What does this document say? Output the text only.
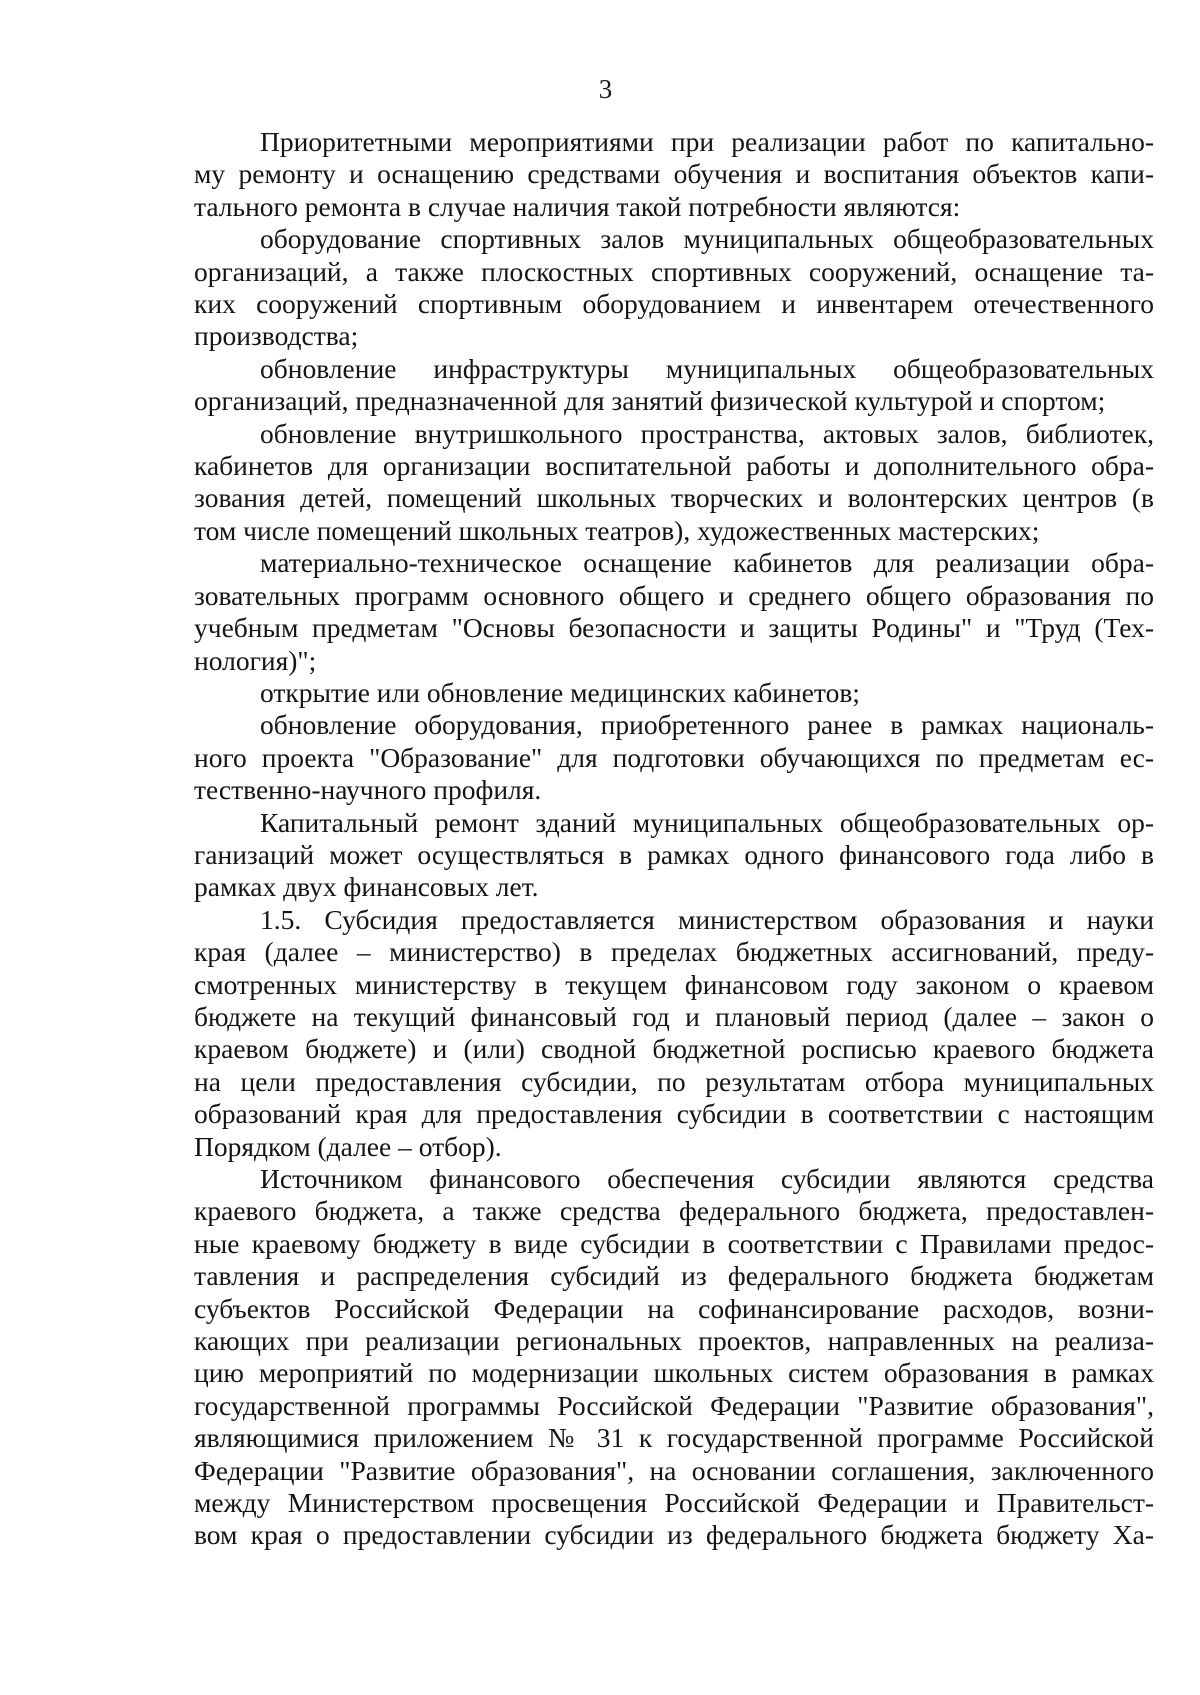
3
Приоритетными мероприятиями при реализации работ по капитально-
му ремонту и оснащению средствами обучения и воспитания объектов капи-
тального ремонта в случае наличия такой потребности являются:
оборудование спортивных залов муниципальных общеобразовательных
организаций, а также плоскостных спортивных сооружений, оснащение та-
ких сооружений спортивным оборудованием и инвентарем отечественного
производства;
обновление инфраструктуры муниципальных общеобразовательных
организаций, предназначенной для занятий физической культурой и спортом;
обновление внутришкольного пространства, актовых залов, библиотек,
кабинетов для организации воспитательной работы и дополнительного обра-
зования детей, помещений школьных творческих и волонтерских центров (в
том числе помещений школьных театров), художественных мастерских;
материально-техническое оснащение кабинетов для реализации обра-
зовательных программ основного общего и среднего общего образования по
учебным предметам "Основы безопасности и защиты Родины" и "Труд (Тех-
нология)";
открытие или обновление медицинских кабинетов;
обновление оборудования, приобретенного ранее в рамках националь-
ного проекта "Образование" для подготовки обучающихся по предметам ес-
тественно-научного профиля.
Капитальный ремонт зданий муниципальных общеобразовательных ор-
ганизаций может осуществляться в рамках одного финансового года либо в
рамках двух финансовых лет.
1.5. Субсидия предоставляется министерством образования и науки
края (далее – министерство) в пределах бюджетных ассигнований, преду-
смотренных министерству в текущем финансовом году законом о краевом
бюджете на текущий финансовый год и плановый период (далее – закон о
краевом бюджете) и (или) сводной бюджетной росписью краевого бюджета
на цели предоставления субсидии, по результатам отбора муниципальных
образований края для предоставления субсидии в соответствии с настоящим
Порядком (далее – отбор).
Источником финансового обеспечения субсидии являются средства
краевого бюджета, а также средства федерального бюджета, предоставлен-
ные краевому бюджету в виде субсидии в соответствии с Правилами предос-
тавления и распределения субсидий из федерального бюджета бюджетам
субъектов Российской Федерации на софинансирование расходов, возни-
кающих при реализации региональных проектов, направленных на реализа-
цию мероприятий по модернизации школьных систем образования в рамках
государственной программы Российской Федерации "Развитие образования",
являющимися приложением № 31 к государственной программе Российской
Федерации "Развитие образования", на основании соглашения, заключенного
между Министерством просвещения Российской Федерации и Правительст-
вом края о предоставлении субсидии из федерального бюджета бюджету Ха-
